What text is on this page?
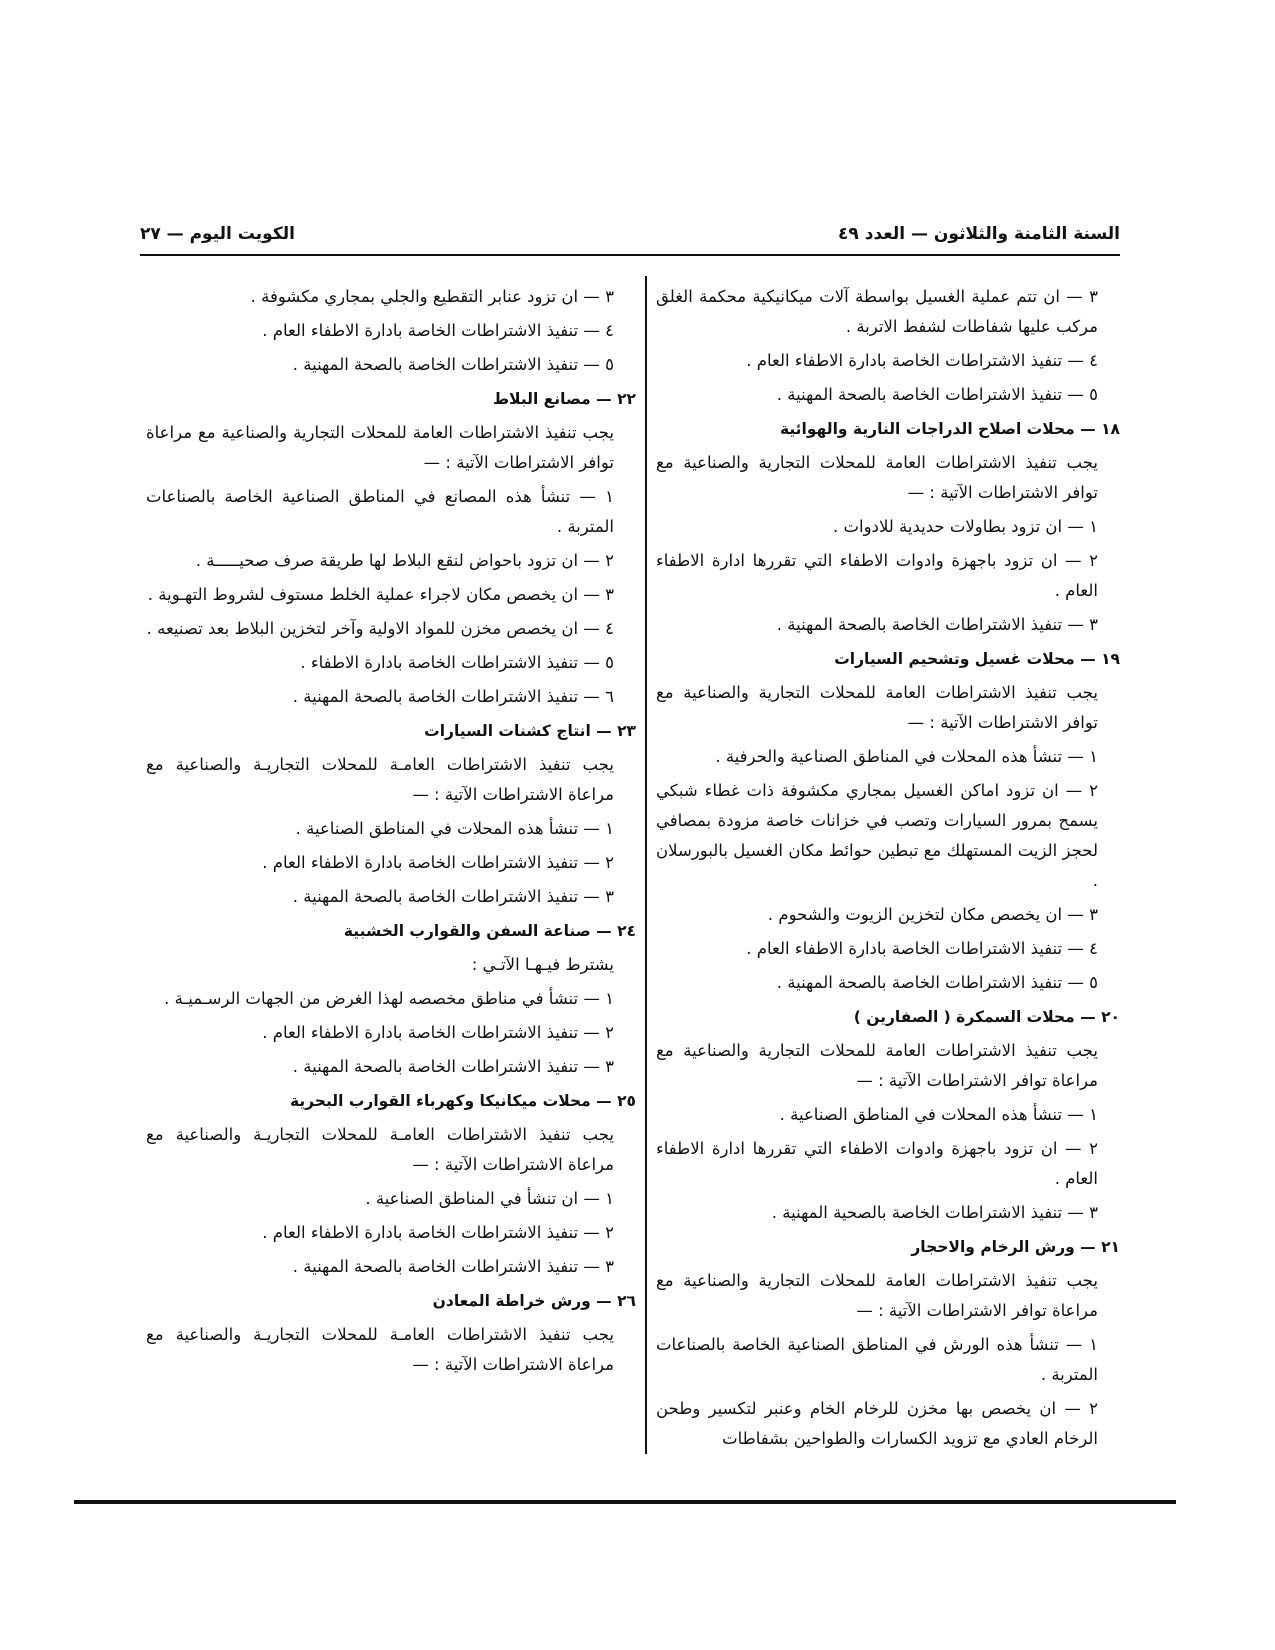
السنة الثامنة والثلاثون — العدد ٤٩
الكويت اليوم — ٢٧
٣ — ان تتم عملية الغسيل بواسطة آلات ميكانيكية محكمة الغلق مركب عليها شفاطات لشفط الاتربة .
٤ — تنفيذ الاشتراطات الخاصة بادارة الاطفاء العام .
٥ — تنفيذ الاشتراطات الخاصة بالصحة المهنية .
١٨ — محلات اصلاح الدراجات النارية والهوائية
يجب تنفيذ الاشتراطات العامة للمحلات التجارية والصناعية مع توافر الاشتراطات الآتية : —
١ — ان تزود بطاولات حديدية للادوات .
٢ — ان تزود باجهزة وادوات الاطفاء التي تقررها ادارة الاطفاء العام .
٣ — تنفيذ الاشتراطات الخاصة بالصحة المهنية .
١٩ — محلات غسيل وتشحيم السيارات
يجب تنفيذ الاشتراطات العامة للمحلات التجارية والصناعية مع توافر الاشتراطات الآتية : —
١ — تنشأ هذه المحلات في المناطق الصناعية والحرفية .
٢ — ان تزود اماكن الغسيل بمجاري مكشوفة ذات غطاء شبكي يسمح بمرور السيارات وتصب في خزانات خاصة مزودة بمصافي لحجز الزيت المستهلك مع تبطين حوائط مكان الغسيل بالبورسلان .
٣ — ان يخصص مكان لتخزين الزيوت والشحوم .
٤ — تنفيذ الاشتراطات الخاصة بادارة الاطفاء العام .
٥ — تنفيذ الاشتراطات الخاصة بالصحة المهنية .
٢٠ — محلات السمكرة ( الصفارين )
يجب تنفيذ الاشتراطات العامة للمحلات التجارية والصناعية مع مراعاة توافر الاشتراطات الآتية : —
١ — تنشأ هذه المحلات في المناطق الصناعية .
٢ — ان تزود باجهزة وادوات الاطفاء التي تقررها ادارة الاطفاء العام .
٣ — تنفيذ الاشتراطات الخاصة بالصحية المهنية .
٢١ — ورش الرخام والاحجار
يجب تنفيذ الاشتراطات العامة للمحلات التجارية والصناعية مع مراعاة توافر الاشتراطات الآتية : —
١ — تنشأ هذه الورش في المناطق الصناعية الخاصة بالصناعات المتربة .
٢ — ان يخصص بها مخزن للرخام الخام وعنبر لتكسير وطحن الرخام العادي مع تزويد الكسارات والطواحين بشفاطات
٣ — ان تزود عنابر التقطيع والجلي بمجاري مكشوفة .
٤ — تنفيذ الاشتراطات الخاصة بادارة الاطفاء العام .
٥ — تنفيذ الاشتراطات الخاصة بالصحة المهنية .
٢٢ — مصانع البلاط
يجب تنفيذ الاشتراطات العامة للمحلات التجارية والصناعية مع مراعاة توافر الاشتراطات الآتية : —
١ — تنشأ هذه المصانع في المناطق الصناعية الخاصة بالصناعات المتربة .
٢ — ان تزود باحواض لنقع البلاط لها طريقة صرف صحيـــــة .
٣ — ان يخصص مكان لاجراء عملية الخلط مستوف لشروط التهـوية .
٤ — ان يخصص مخزن للمواد الاولية وآخر لتخزين البلاط بعد تصنيعه .
٥ — تنفيذ الاشتراطات الخاصة بادارة الاطفاء .
٦ — تنفيذ الاشتراطات الخاصة بالصحة المهنية .
٢٣ — انتاج كشنات السيارات
يجب تنفيذ الاشتراطات العامـة للمحلات التجاريـة والصناعية مع مراعاة الاشتراطات الآتية : —
١ — تنشأ هذه المحلات في المناطق الصناعية .
٢ — تنفيذ الاشتراطات الخاصة بادارة الاطفاء العام .
٣ — تنفيذ الاشتراطات الخاصة بالصحة المهنية .
٢٤ — صناعة السفن والقوارب الخشبية
يشترط فيـهـا الآتـي :
١ — تنشأ في مناطق مخصصه لهذا الغرض من الجهات الرسـميـة .
٢ — تنفيذ الاشتراطات الخاصة بادارة الاطفاء العام .
٣ — تنفيذ الاشتراطات الخاصة بالصحة المهنية .
٢٥ — محلات ميكانيكا وكهرباء القوارب البحرية
يجب تنفيذ الاشتراطات العامـة للمحلات التجاريـة والصناعية مع مراعاة الاشتراطات الآتية : —
١ — ان تنشأ في المناطق الصناعية .
٢ — تنفيذ الاشتراطات الخاصة بادارة الاطفاء العام .
٣ — تنفيذ الاشتراطات الخاصة بالصحة المهنية .
٢٦ — ورش خراطة المعادن
يجب تنفيذ الاشتراطات العامـة للمحلات التجاريـة والصناعية مع مراعاة الاشتراطات الآتية : —
